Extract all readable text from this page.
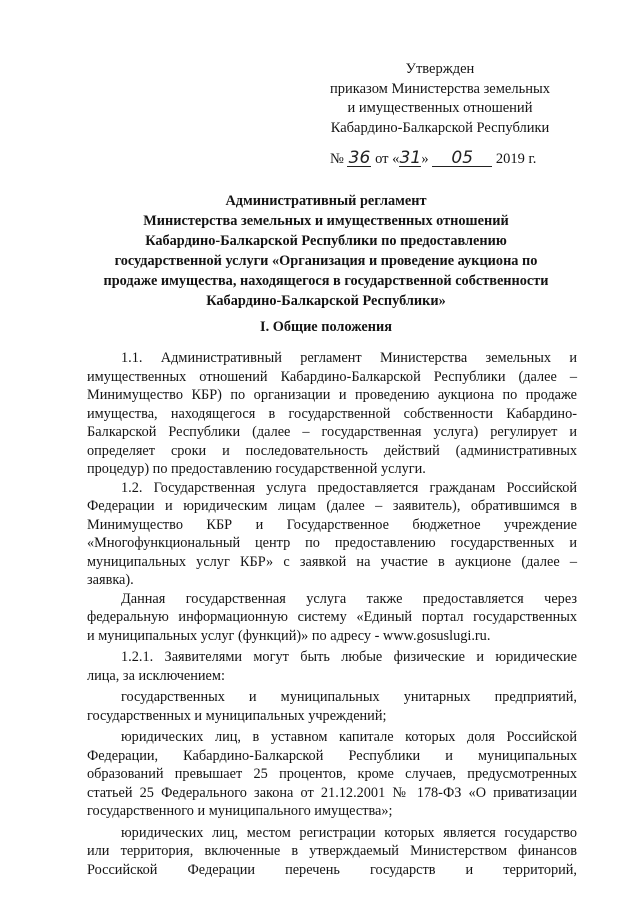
Утвержден
приказом Министерства земельных
и имущественных отношений
Кабардино-Балкарской Республики
№ 36 от «31» 05 2019 г.
Административный регламент
Министерства земельных и имущественных отношений
Кабардино-Балкарской Республики по предоставлению
государственной услуги «Организация и проведение аукциона по
продаже имущества, находящегося в государственной собственности
Кабардино-Балкарской Республики»
I. Общие положения
1.1. Административный регламент Министерства земельных и
имущественных отношений Кабардино-Балкарской Республики (далее –
Минимущество КБР) по организации и проведению аукциона по продаже
имущества, находящегося в государственной собственности Кабардино-
Балкарской Республики (далее – государственная услуга) регулирует и
определяет сроки и последовательность действий (административных
процедур) по предоставлению государственной услуги.
1.2. Государственная услуга предоставляется гражданам Российской
Федерации и юридическим лицам (далее – заявитель), обратившимся в
Минимущество КБР и Государственное бюджетное учреждение
«Многофункциональный центр по предоставлению государственных и
муниципальных услуг КБР» с заявкой на участие в аукционе (далее –
заявка).
Данная государственная услуга также предоставляется через
федеральную информационную систему «Единый портал государственных
и муниципальных услуг (функций)» по адресу - www.gosuslugi.ru.
1.2.1. Заявителями могут быть любые физические и юридические
лица, за исключением:
государственных и муниципальных унитарных предприятий,
государственных и муниципальных учреждений;
юридических лиц, в уставном капитале которых доля Российской
Федерации, Кабардино-Балкарской Республики и муниципальных
образований превышает 25 процентов, кроме случаев, предусмотренных
статьей 25 Федерального закона от 21.12.2001 № 178-ФЗ «О приватизации
государственного и муниципального имущества»;
юридических лиц, местом регистрации которых является государство
или территория, включенные в утверждаемый Министерством финансов
Российской Федерации перечень государств и территорий,
